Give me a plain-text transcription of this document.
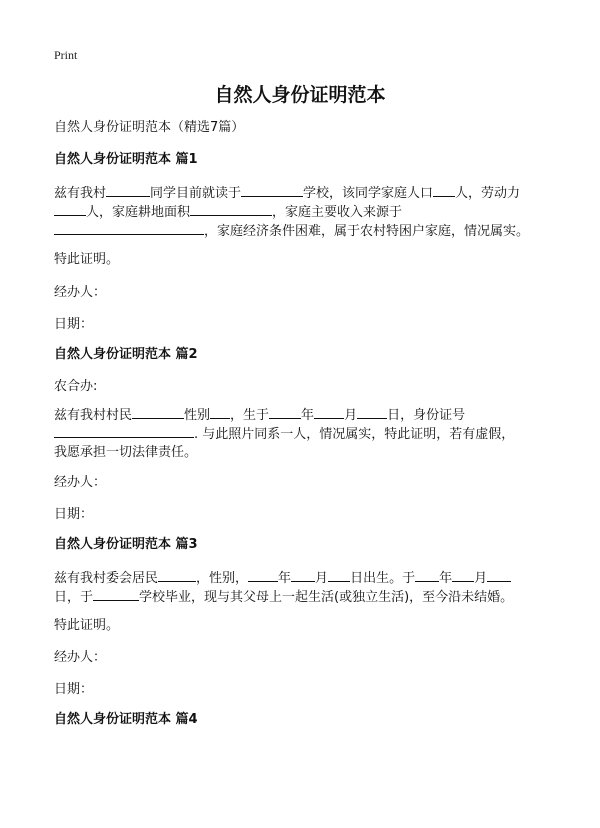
Print
自然人身份证明范本

自然人身份证明范本（精选7篇）

自然人身份证明范本 篇1

兹有我村	同学目前就读于	学校，该同学家庭人口 人，劳动力

人，家庭耕地面积	，家庭主要收入来源于

，家庭经济条件困难，属于农村特困户家庭，情况属实。

特此证明。

经办人：

日期：

自然人身份证明范本 篇2

农合办:

兹有我村村民	性别 ，生于 年 月 日，身份证号

. 与此照片同系一人，情况属实，特此证明，若有虚假，

我愿承担一切法律责任。

经办人：

日期：

自然人身份证明范本 篇3

兹有我村委会居民	，性别， 年 月 日出生。于 年 月

日，于	学校毕业，现与其父母上一起生活(或独立生活)，至今沿未结婚。

特此证明。

经办人：

日期：

自然人身份证明范本 篇4
